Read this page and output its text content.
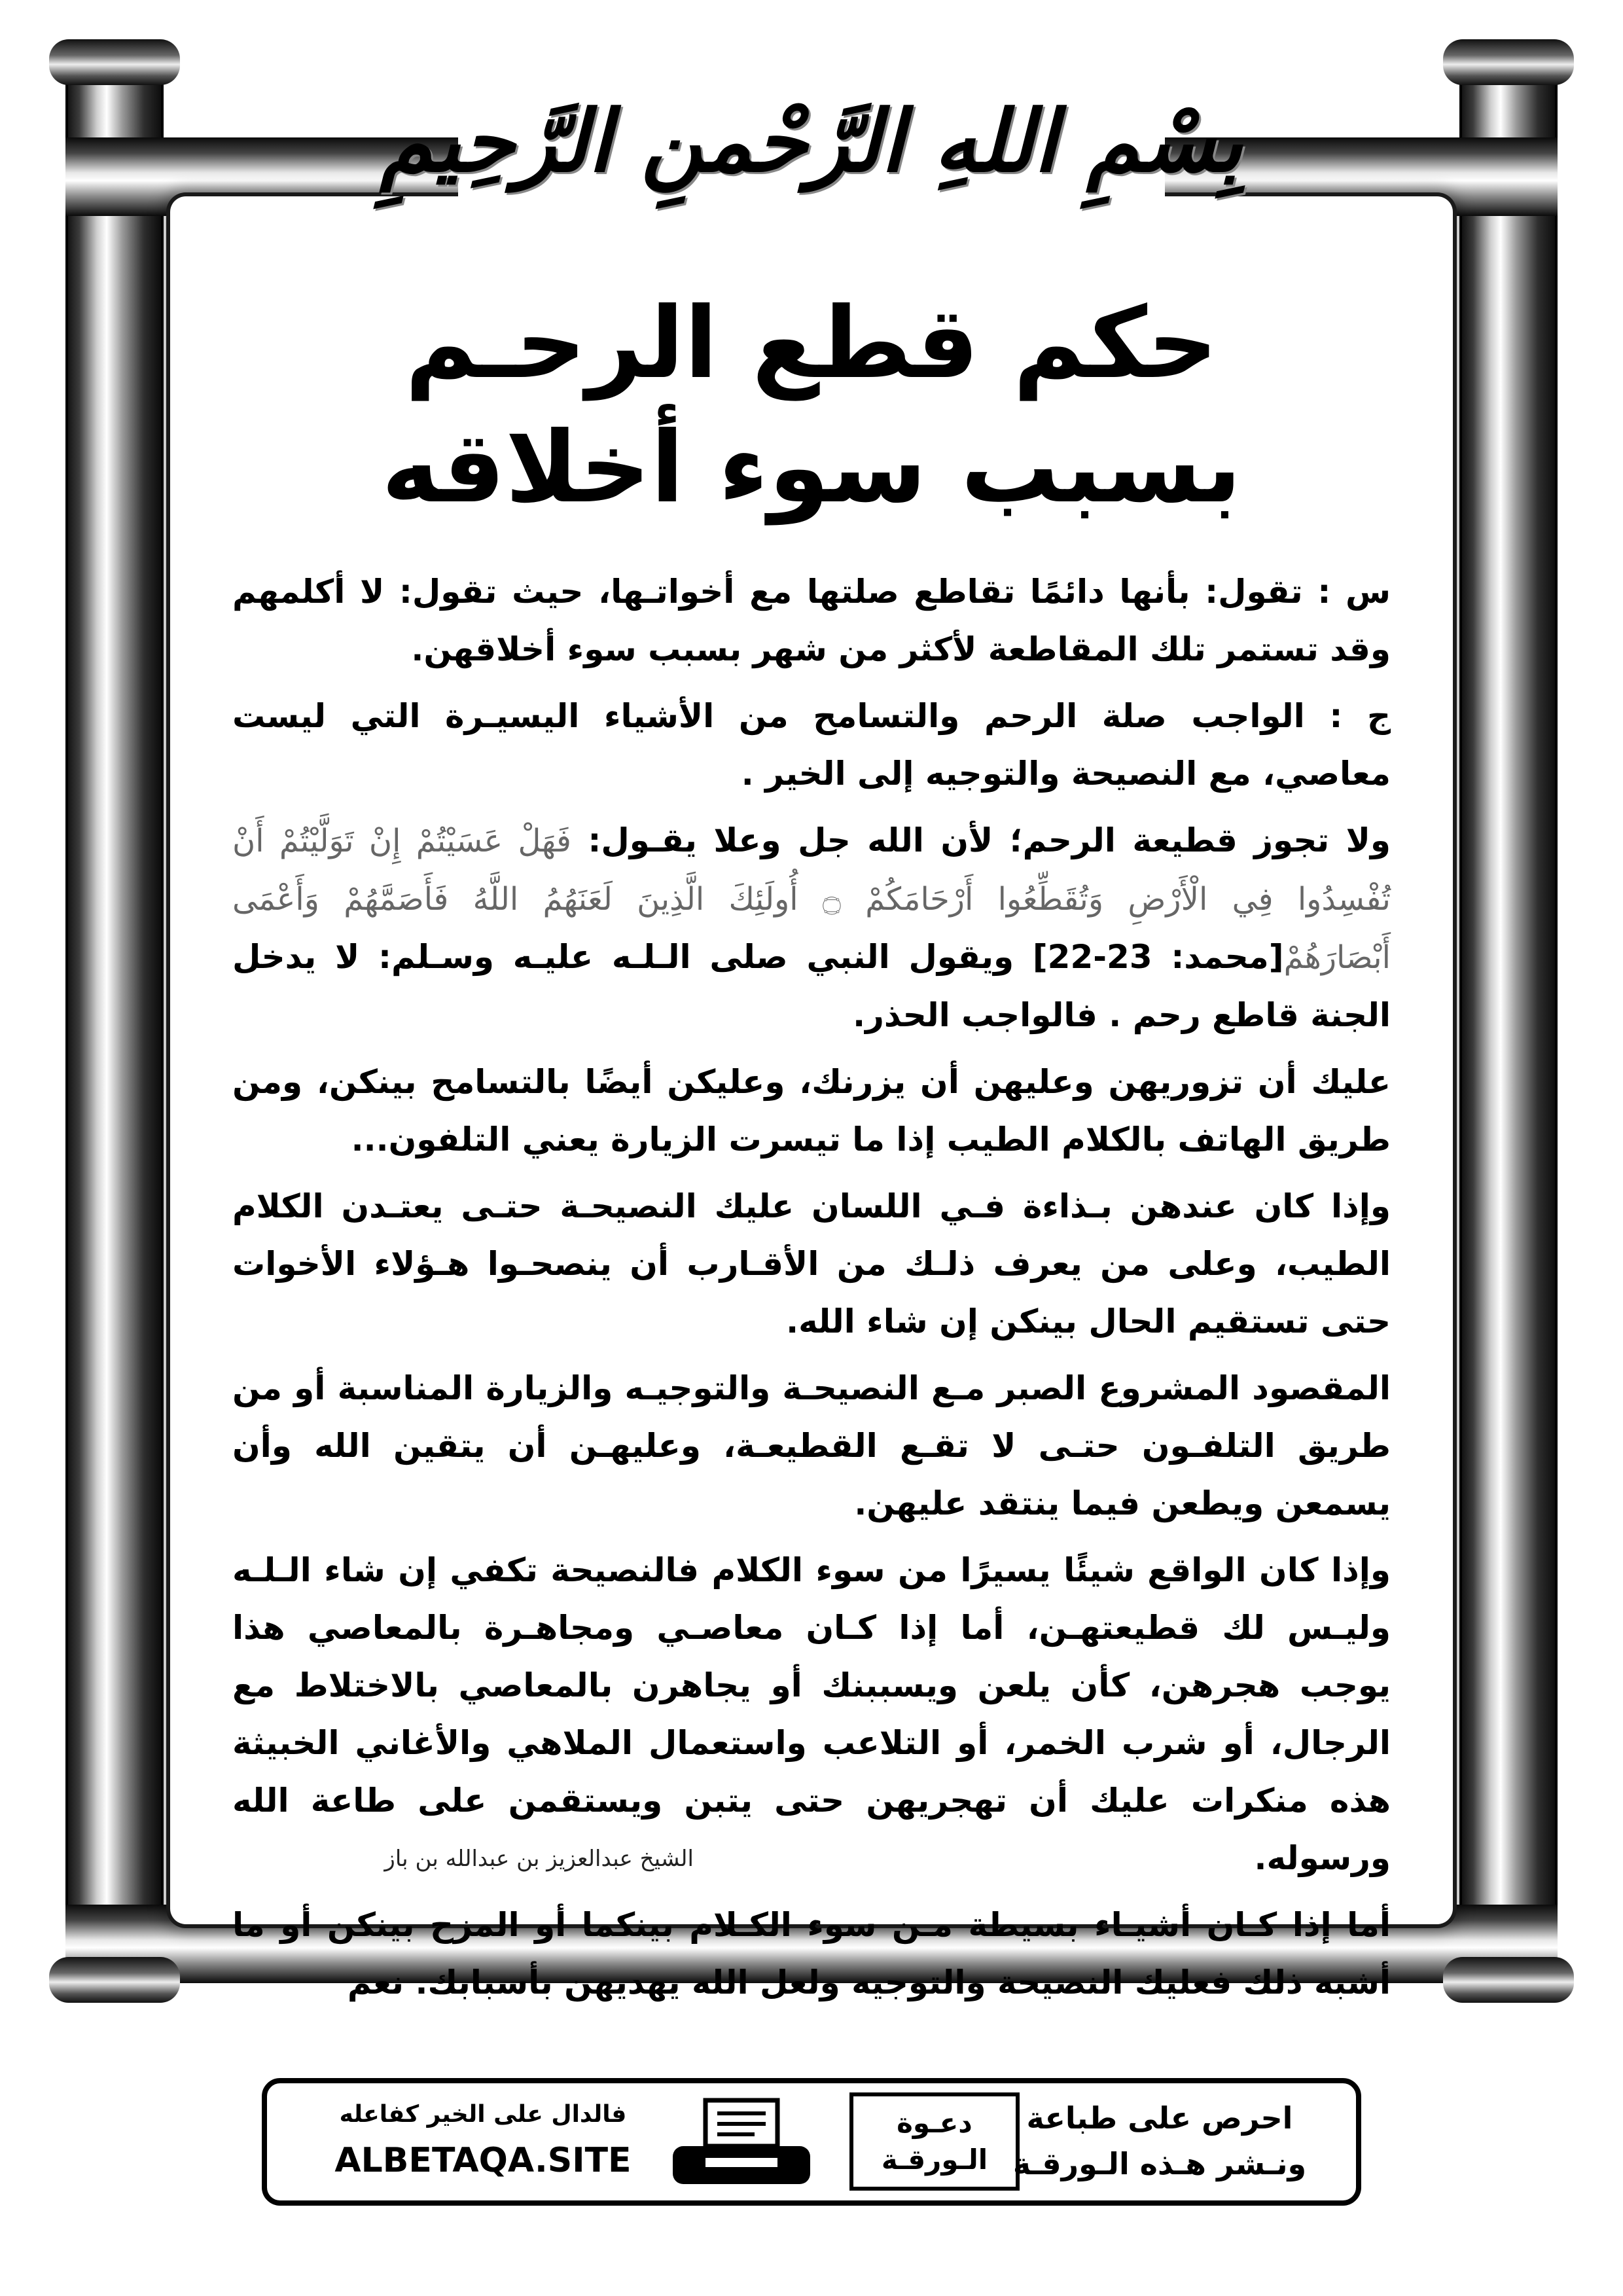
بِسْمِ اللهِ الرَّحْمنِ الرَّحِيمِ
حكم قطع الرحـم
بسبب سوء أخلاقه

س : تقول: بأنها دائمًا تقاطع صلتها مع أخواتـها، حيث تقول: لا أكلمهم وقد تستمر تلك المقاطعة لأكثر من شهر بسبب سوء أخلاقهن.

ج : الواجب صلة الرحم والتسامح من الأشياء اليسيـرة التي ليست معاصي، مع النصيحة والتوجيه إلى الخير .

ولا تجوز قطيعة الرحم؛ لأن الله جل وعلا يقـول: فَهَلْ عَسَيْتُمْ إِنْ تَوَلَّيْتُمْ أَنْ تُفْسِدُوا فِي الْأَرْضِ وَتُقَطِّعُوا أَرْحَامَكُمْ ۝ أُولَئِكَ الَّذِينَ لَعَنَهُمُ اللَّهُ فَأَصَمَّهُمْ وَأَعْمَى أَبْصَارَهُمْ[محمد: 23-22] ويقول النبي صلى الـلـه عليـه وسـلم: لا يدخل الجنة قاطع رحم . فالواجب الحذر.

عليك أن تزوريهن وعليهن أن يزرنك، وعليكن أيضًا بالتسامح بينكن، ومن طريق الهاتف بالكلام الطيب إذا ما تيسرت الزيارة يعني التلفون...

وإذا كان عندهن بـذاءة فـي اللسان عليك النصيحـة حتـى يعتـدن الكلام الطيب، وعلى من يعرف ذلـك من الأقـارب أن ينصحـوا هـؤلاء الأخوات حتى تستقيم الحال بينكن إن شاء الله.

المقصود المشروع الصبر مـع النصيحـة والتوجيـه والزيارة المناسبة أو من طريق التلفـون حتـى لا تقـع القطيعـة، وعليهـن أن يتقين الله وأن يسمعن ويطعن فيما ينتقد عليهن.

وإذا كان الواقع شيئًا يسيرًا من سوء الكلام فالنصيحة تكفي إن شاء الـلـه وليـس لك قطيعتهـن، أما إذا كـان معاصـي ومجاهـرة بالمعاصي هذا يوجب هجرهن، كأن يلعن ويسببنك أو يجاهرن بالمعاصي بالاختلاط مع الرجال، أو شرب الخمر، أو التلاعب واستعمال الملاهي والأغاني الخبيثة هذه منكرات عليك أن تهجريهن حتى يتبن ويستقمن على طاعة الله ورسوله.

أما إذا كـان أشيـاء بسيطة مـن سوء الكـلام بينكما أو المزح بينكن أو ما أشبه ذلك فعليك النصيحة والتوجيه ولعل الله يهديهن بأسبابك. نعم

الشيخ عبدالعزيز بن عبدالله بن باز
احرص على طباعة
ونـشر هـذه الـورقـة
دعـوة
الـورقـة
فالدال على الخير كفاعله
ALBETAQA.SITE
